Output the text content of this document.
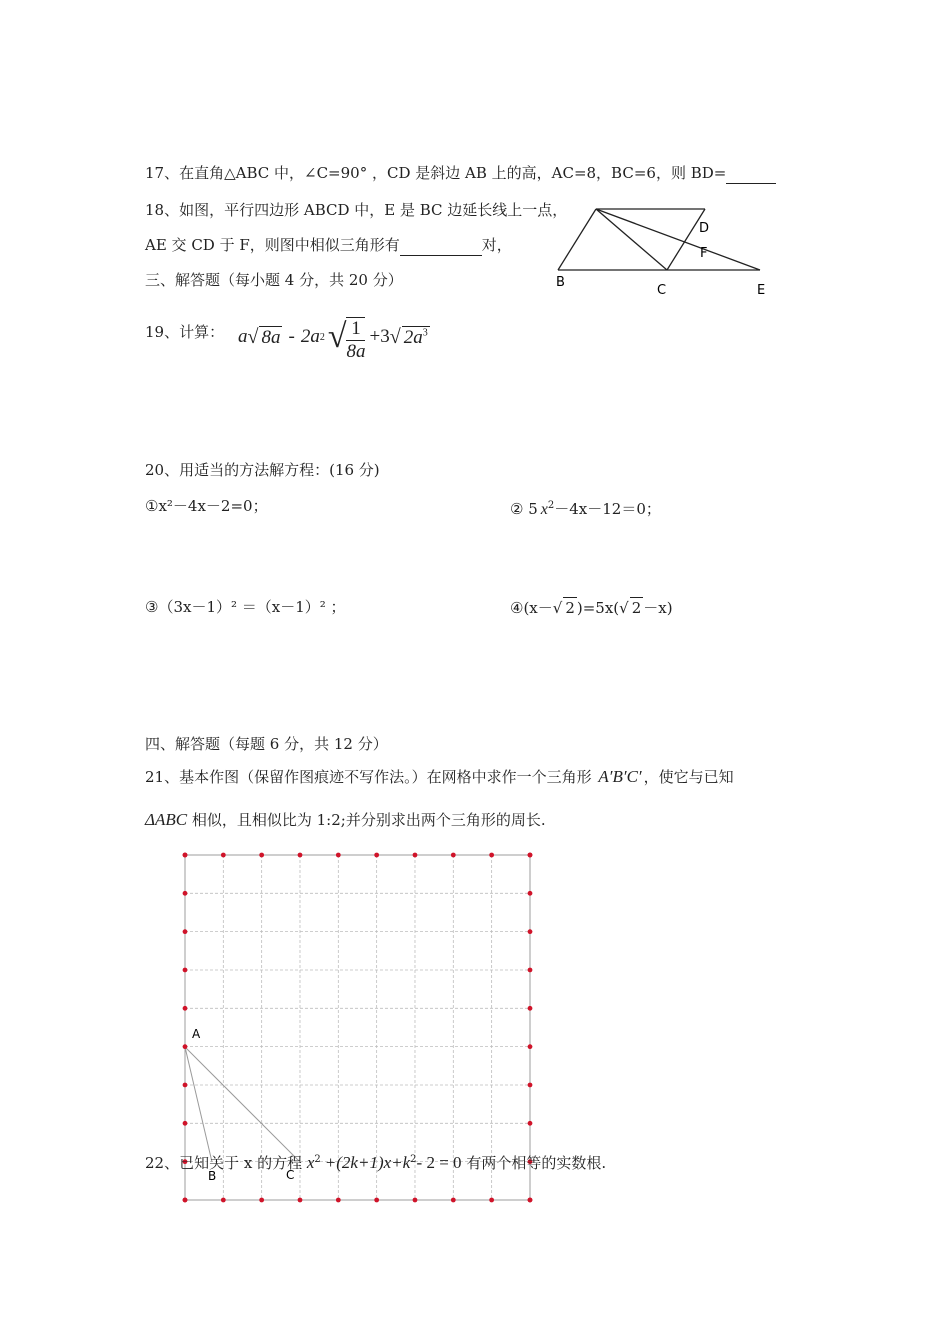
17、在直角△ABC 中，∠C=90° ，CD 是斜边 AB 上的高，AC=8，BC=6，则 BD=
18、如图，平行四边形 ABCD 中，E 是 BC 边延长线上一点，
AE 交 CD 于 F，则图中相似三角形有	对，
D
F
B
C	E
三、解答题（每小题 4 分，共 20 分）
19、计算： a √ 8a - 2a 2 √ $\frac{1}{8a} +3$ √ $2a^3$
20、用适当的方法解方程：(16 分)
①x²－4x－2=0；	② 5 $x^2-4x-12=0$；
③（3x－1）² ＝（x－1）² ；	④(x－√ 2 )=5x(√ 2 －x)
四、解答题（每题 6 分，共 12 分）
21、基本作图（保留作图痕迹不写作法。）在网格中求作一个三角形 A′B′C′ ，使它与已知
ΔABC 相似，且相似比为 1:2;并分别求出两个三角形的周长.
A
B	C
22、已知关于 x 的方程 $x^2 +(2k+1)x+k^2-$ 2 = 0 有两个相等的实数根.
